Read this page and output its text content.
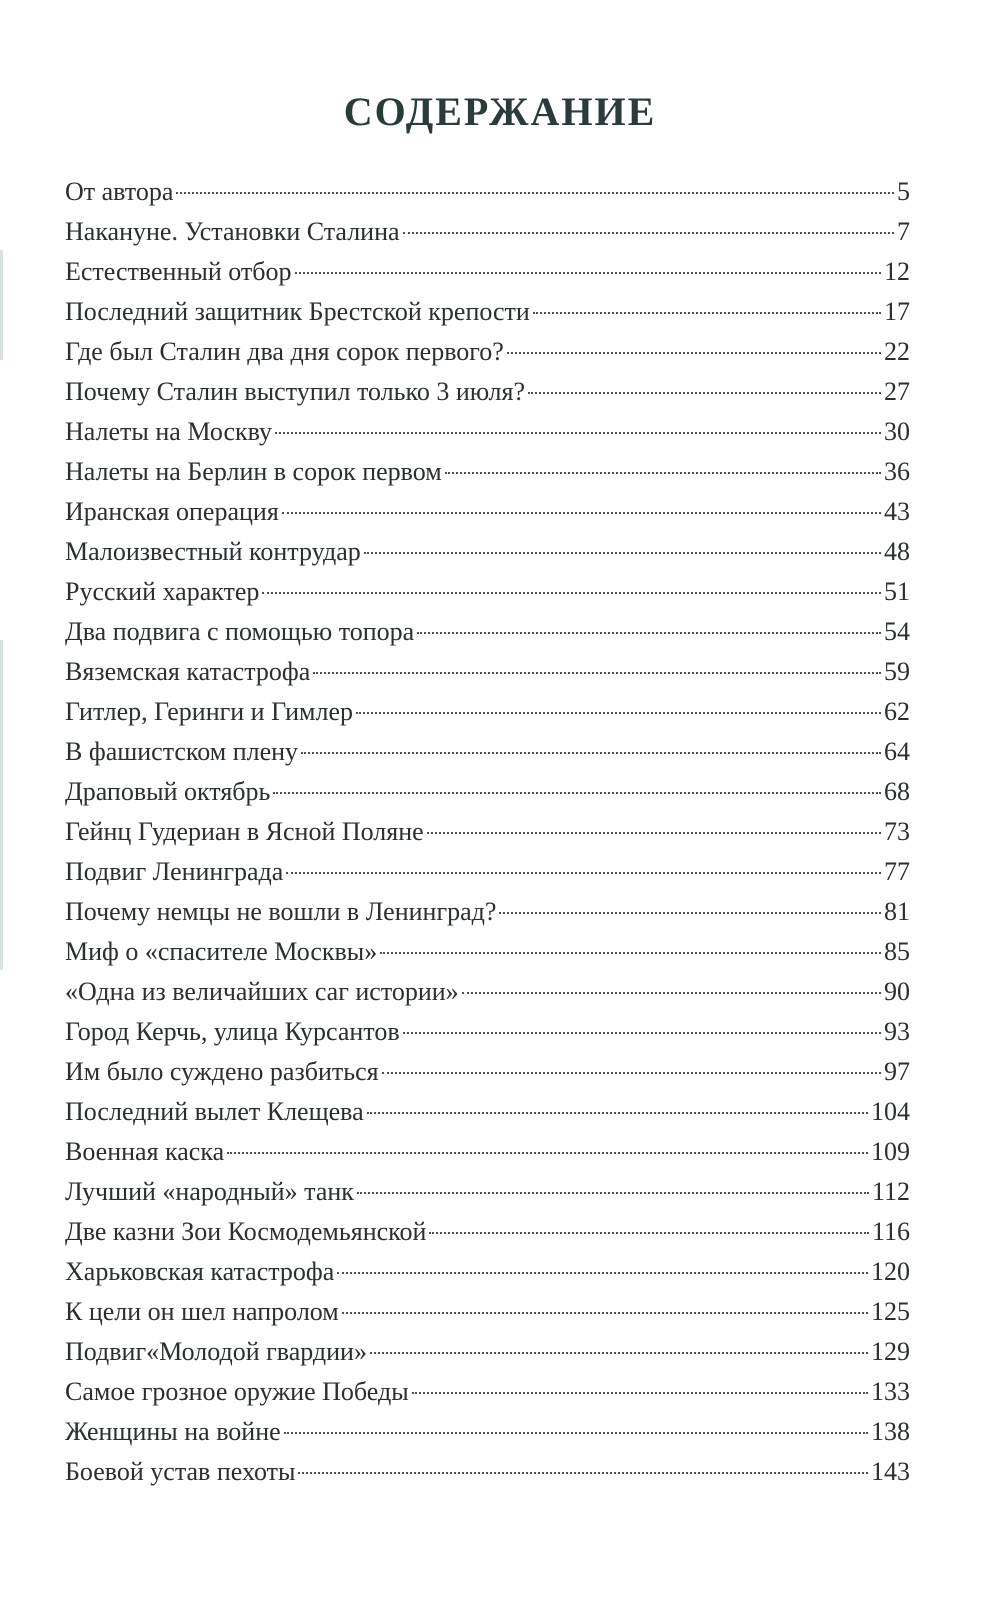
СОДЕРЖАНИЕ
От автора	5
Накануне. Установки Сталина	7
Естественный отбор	12
Последний защитник Брестской крепости	17
Где был Сталин два дня сорок первого?	22
Почему Сталин выступил только 3 июля?	27
Налеты на Москву	30
Налеты на Берлин в сорок первом	36
Иранская операция	43
Малоизвестный контрудар	48
Русский характер	51
Два подвига с помощью топора	54
Вяземская катастрофа	59
Гитлер, Геринги и Гимлер	62
В фашистском плену	64
Драповый октябрь	68
Гейнц Гудериан в Ясной Поляне	73
Подвиг Ленинграда	77
Почему немцы не вошли в Ленинград?	81
Миф о «спасителе Москвы»	85
«Одна из величайших саг истории»	90
Город Керчь, улица Курсантов	93
Им было суждено разбиться	97
Последний вылет Клещева	104
Военная каска	109
Лучший «народный» танк	112
Две казни Зои Космодемьянской	116
Харьковская катастрофа	120
К цели он шел напролом	125
Подвиг«Молодой гвардии»	129
Самое грозное оружие Победы	133
Женщины на войне	138
Боевой устав пехоты	143
